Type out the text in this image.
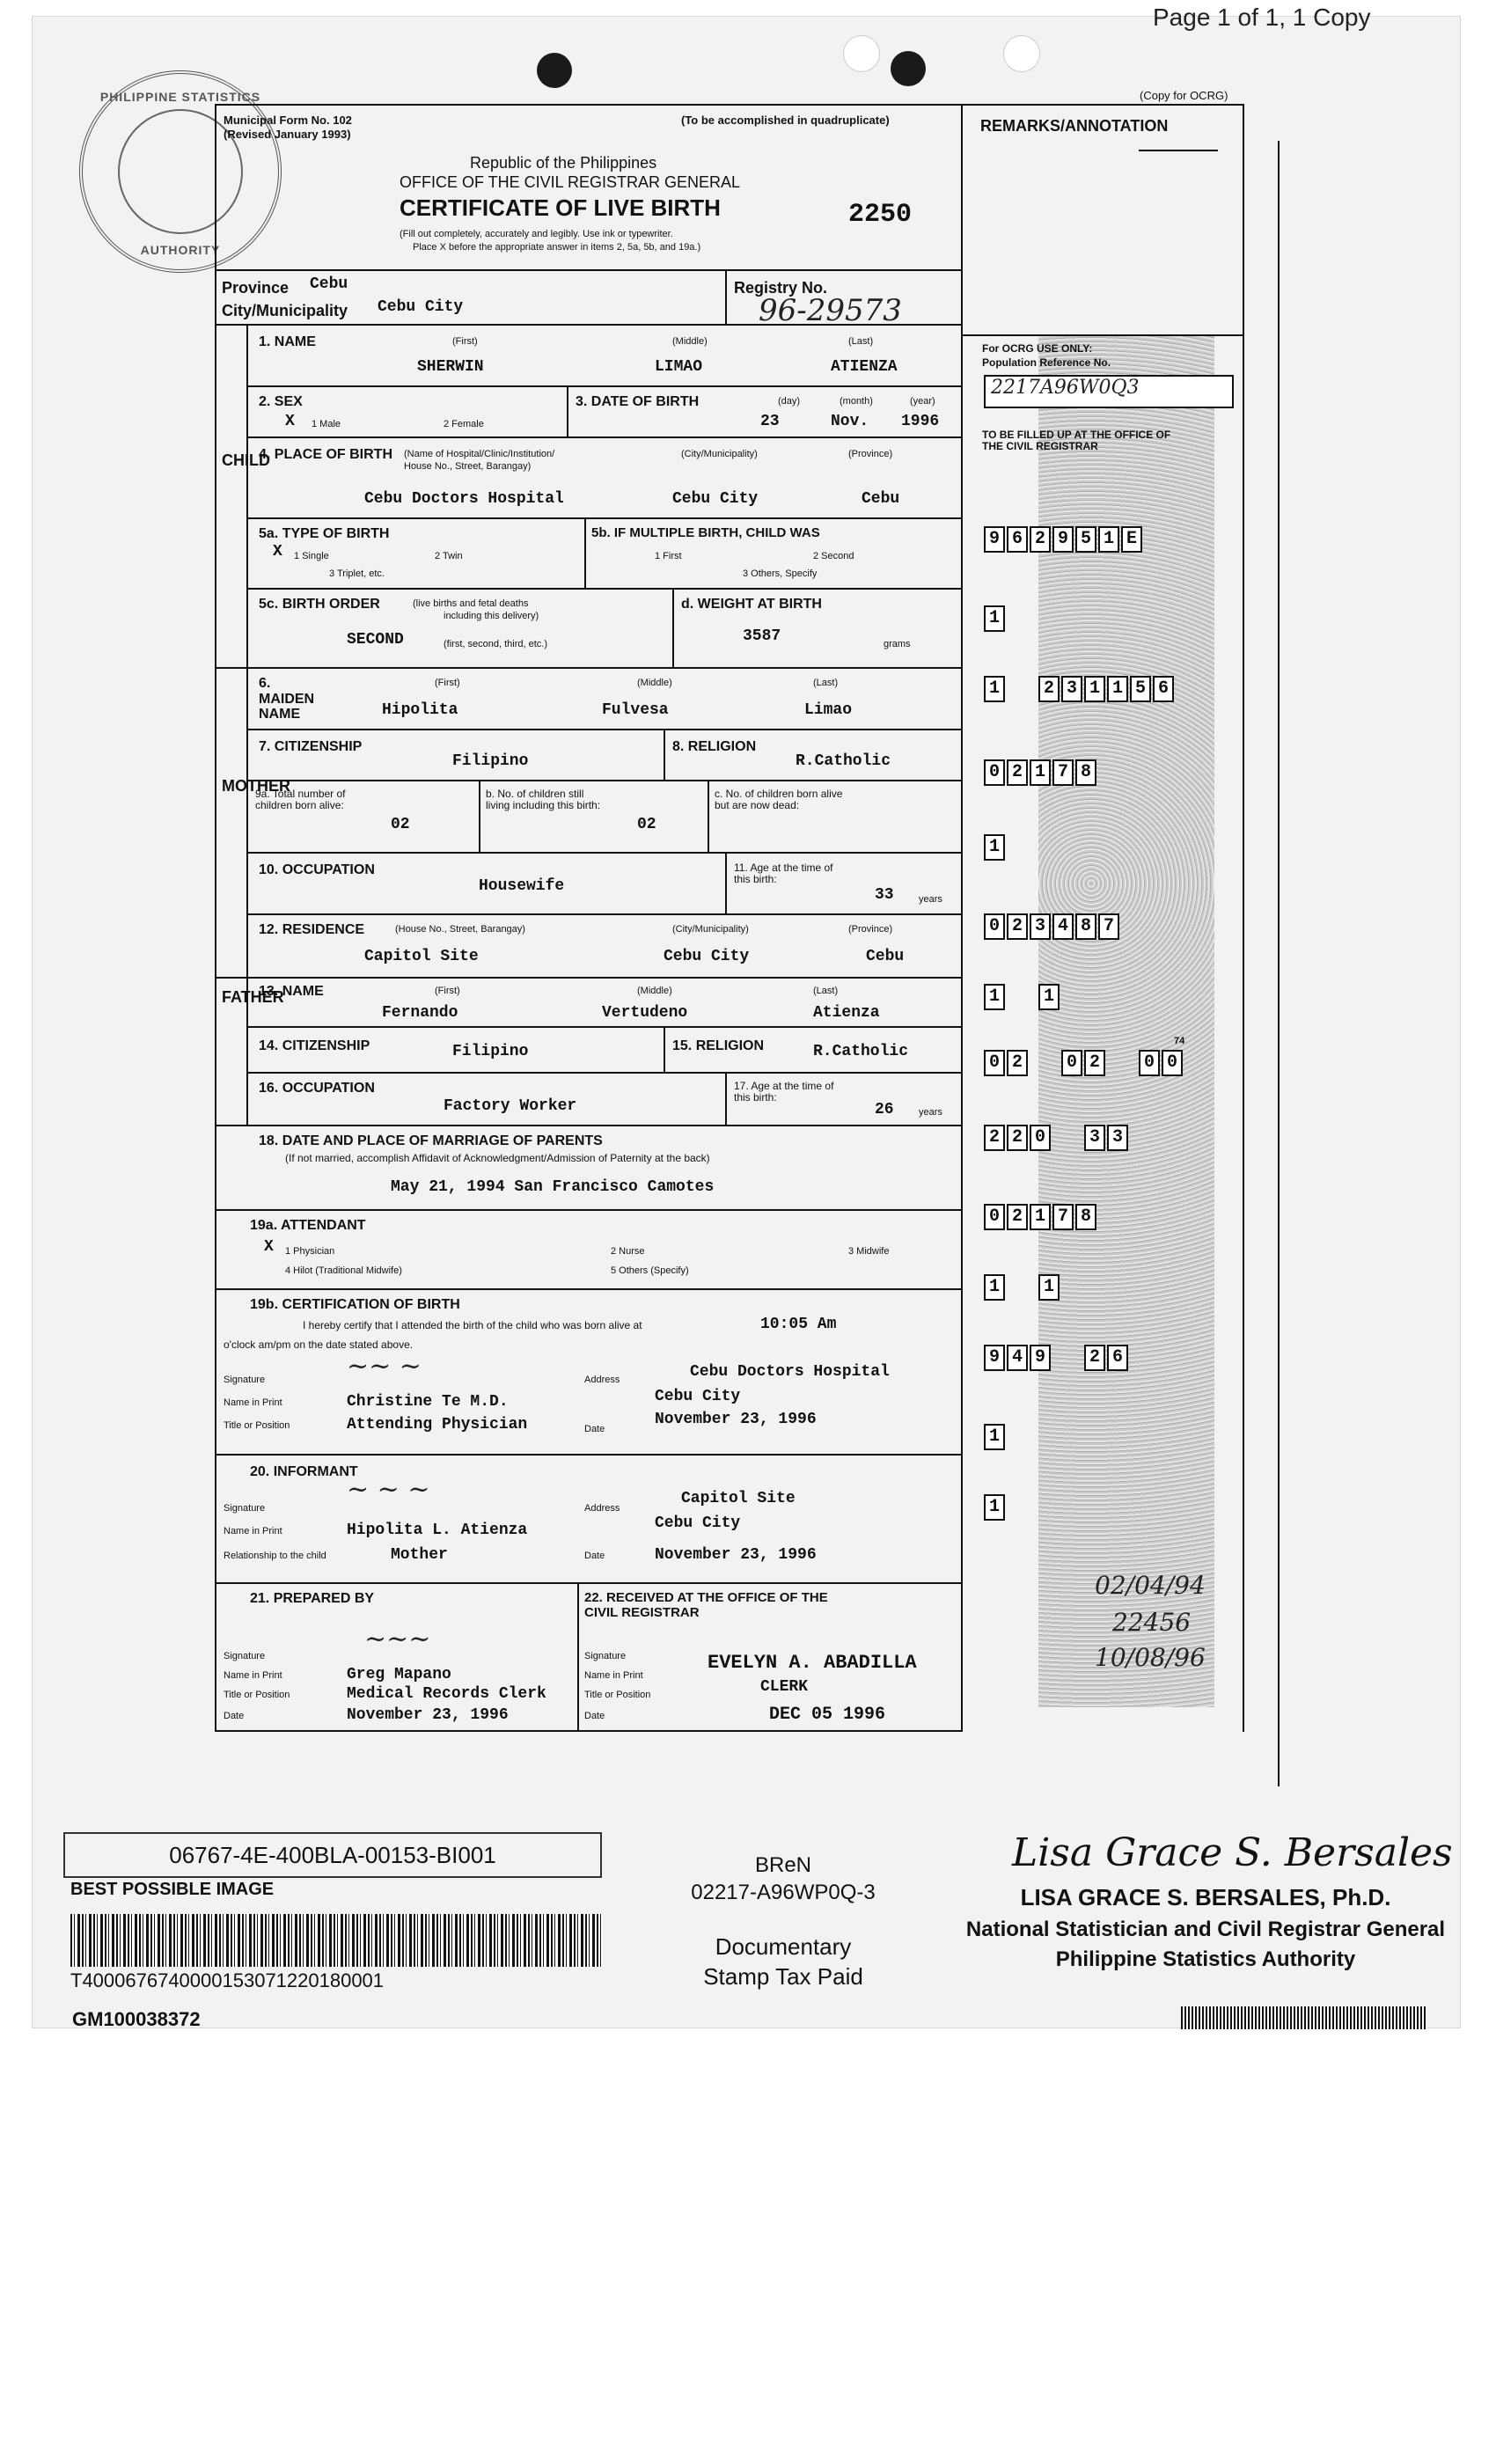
Page 1 of 1, 1 Copy
PHILIPPINE STATISTICS
AUTHORITY
(Copy for OCRG)
Municipal Form No. 102
(Revised January 1993)
(To be accomplished in quadruplicate)
Republic of the Philippines
OFFICE OF THE CIVIL REGISTRAR GENERAL
CERTIFICATE OF LIVE BIRTH	2250
(Fill out completely, accurately and legibly. Use ink or typewriter.
Place X before the appropriate answer in items 2, 5a, 5b, and 19a.)
Province Cebu
City/Municipality Cebu City
Registry No.
96-29573
CHILD
MOTHER
FATHER
1. NAME	(First)	(Middle)	(Last)
SHERWIN	LIMAO	ATIENZA
2. SEX
X 1 Male	2 Female
3. DATE OF BIRTH	(day)	(month)	(year)
23	Nov. 1996
4. PLACE OF BIRTH (Name of Hospital/Clinic/Institution/
House No., Street, Barangay)
(City/Municipality)	(Province)
Cebu Doctors Hospital	Cebu City	Cebu
5a. TYPE OF BIRTH
X 1 Single	2 Twin
3 Triplet, etc.
5b. IF MULTIPLE BIRTH, CHILD WAS
1 First	2 Second
3 Others, Specify
5c. BIRTH ORDER	(live births and fetal deaths
including this delivery)
(first, second, third, etc.)
SECOND
d. WEIGHT AT BIRTH
3587	grams
6. MAIDEN NAME
(First)	(Middle)	(Last)
Hipolita	Fulvesa	Limao
7. CITIZENSHIP
Filipino
8. RELIGION
R.Catholic
9a. Total number of children born alive:
02
b. No. of children still living including this birth:
02
c. No. of children born alive but are now dead:
10. OCCUPATION
Housewife
11. Age at the time of this birth:
33	years
12. RESIDENCE	(House No., Street, Barangay)	(City/Municipality)	(Province)
Capitol Site	Cebu City	Cebu
13. NAME	(First)	(Middle)	(Last)
Fernando	Vertudeno	Atienza
14. CITIZENSHIP	Filipino	15. RELIGION	R.Catholic
16. OCCUPATION
Factory Worker
17. Age at the time of this birth:
26	years
18. DATE AND PLACE OF MARRIAGE OF PARENTS
(If not married, accomplish Affidavit of Acknowledgment/Admission of Paternity at the back)
May 21, 1994 San Francisco Camotes
19a. ATTENDANT
X 1 Physician	2 Nurse	3 Midwife
4 Hilot (Traditional Midwife)	5 Others (Specify)
19b. CERTIFICATION OF BIRTH
I hereby certify that I attended the birth of the child who was born alive at	10:05 Am
o'clock am/pm on the date stated above.
~~ ~
Signature
Name in Print	Christine Te M.D.
Title or Position	Attending Physician
Address	Cebu Doctors Hospital
Cebu City
Date
November 23, 1996
20. INFORMANT
~ ~ ~
Signature
Name in Print	Hipolita L. Atienza
Relationship to the child	Mother
Address
Capitol Site
Cebu City
Date	November 23, 1996
21. PREPARED BY
~~~
Signature
Name in Print	Greg Mapano
Title or Position	Medical Records Clerk
Date	November 23, 1996
22. RECEIVED AT THE OFFICE OF THE CIVIL REGISTRAR
Signature
Name in Print
EVELYN A. ABADILLA
Title or Position	CLERK
Date	DEC 05 1996
REMARKS/ANNOTATION
For OCRG USE ONLY:
Population Reference No.
2217A96W0Q3
TO BE FILLED UP AT THE OFFICE OF THE CIVIL REGISTRAR
9 6 2 9 5 1 E
1
1	2 3 1 1 5 6
0 2 1 7 8
1
0 2 3 4 8 7
1	1
74
0 2	0 2	0 0
2 2 0	3 3
0 2 1 7 8
1	1
9 4 9	2 6
1
1
02/04/94
22456
10/08/96
06767-4E-400BLA-00153-BI001
BEST POSSIBLE IMAGE
T4000676740000153071220180001
GM100038372
BReN
02217-A96WP0Q-3
Documentary
Stamp Tax Paid
Lisa Grace S. Bersales
LISA GRACE S. BERSALES, Ph.D.
National Statistician and Civil Registrar General
Philippine Statistics Authority
